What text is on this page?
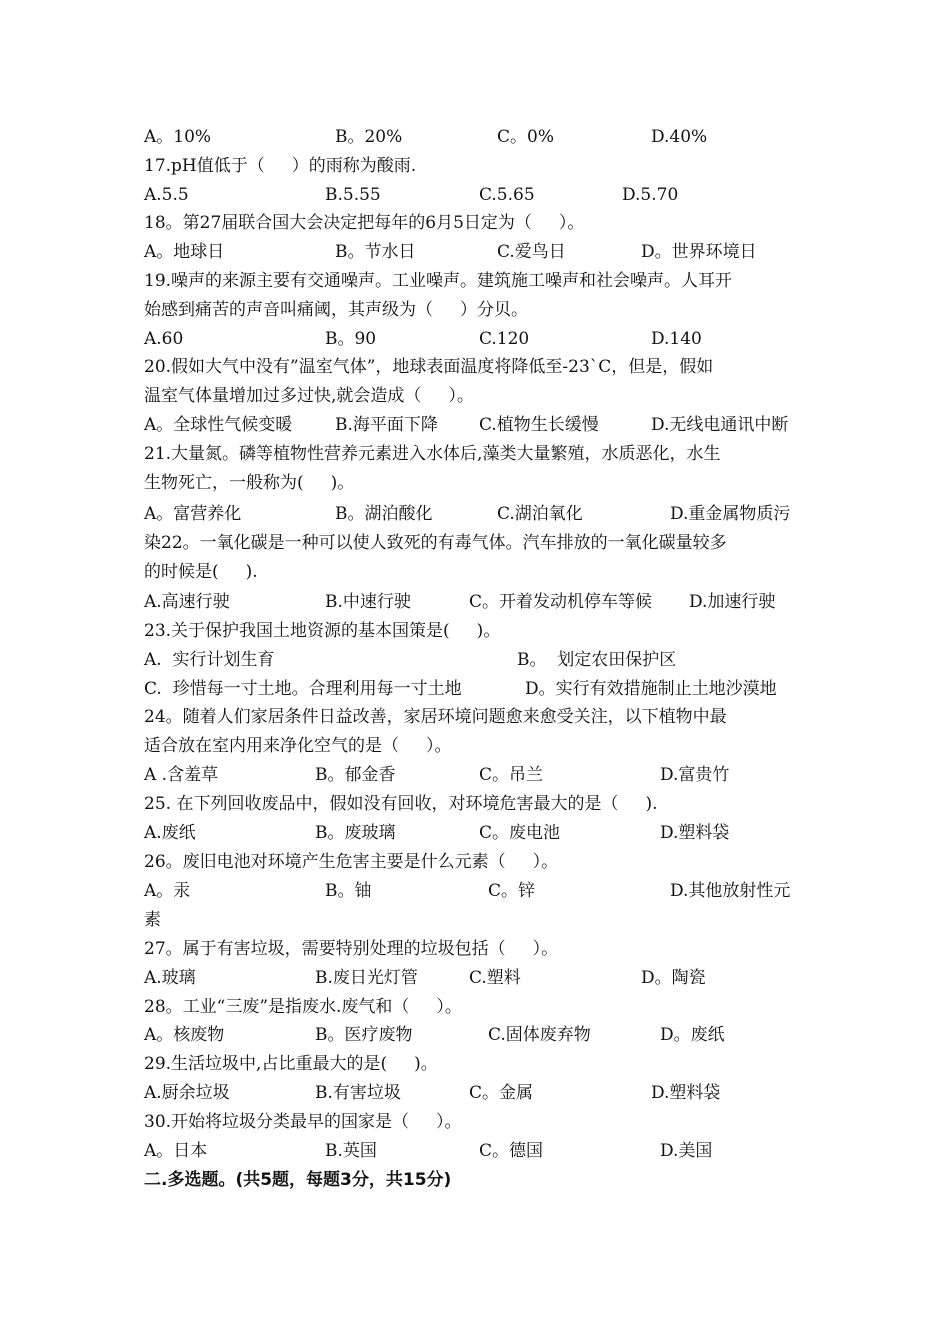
A。10%	B。20%	C。0%	D.40%
17.pH值低于（     ）的雨称为酸雨.
A.5.5	B.5.55	C.5.65	D.5.70
18。第27届联合国大会决定把每年的6月5日定为（     ）。
A。地球日	B。节水日	C.爱鸟日	D。世界环境日
19.噪声的来源主要有交通噪声。工业噪声。建筑施工噪声和社会噪声。人耳开
始感到痛苦的声音叫痛阈，其声级为（     ）分贝。
A.60	B。90	C.120	D.140
20.假如大气中没有”温室气体”，地球表面温度将降低至-23`C，但是，假如
温室气体量增加过多过快,就会造成（     ）。
A。全球性气候变暖	B.海平面下降 C.植物生长缓慢	D.无线电通讯中断
21.大量氮。磷等植物性营养元素进入水体后,藻类大量繁殖，水质恶化，水生
生物死亡，一般称为(     )。
A。富营养化	B。湖泊酸化	C.湖泊氧化	D.重金属物质污
染22。一氧化碳是一种可以使人致死的有毒气体。汽车排放的一氧化碳量较多
的时候是(     ).
A.高速行驶	B.中速行驶	C。开着发动机停车等候 D.加速行驶
23.关于保护我国土地资源的基本国策是(     )。
A.  实行计划生育	B。  划定农田保护区
C.  珍惜每一寸土地。合理利用每一寸土地	D。实行有效措施制止土地沙漠地
24。随着人们家居条件日益改善，家居环境问题愈来愈受关注，以下植物中最
适合放在室内用来净化空气的是（     ）。
A .含羞草	B。郁金香	C。吊兰	D.富贵竹
25. 在下列回收废品中，假如没有回收，对环境危害最大的是（     ).
A.废纸	B。废玻璃	C。废电池	D.塑料袋
26。废旧电池对环境产生危害主要是什么元素（     ）。
A。汞	B。铀	C。锌	D.其他放射性元
素
27。属于有害垃圾，需要特别处理的垃圾包括（     ）。
A.玻璃	B.废日光灯管	C.塑料	D。陶瓷
28。工业“三废”是指废水.废气和（     ）。
A。核废物	B。医疗废物	C.固体废弃物	D。废纸
29.生活垃圾中,占比重最大的是(     )。
A.厨余垃圾	B.有害垃圾	C。金属	D.塑料袋
30.开始将垃圾分类最早的国家是（     ）。
A。日本	B.英国	C。德国	D.美国
二.多选题。(共5题，每题3分，共15分)
